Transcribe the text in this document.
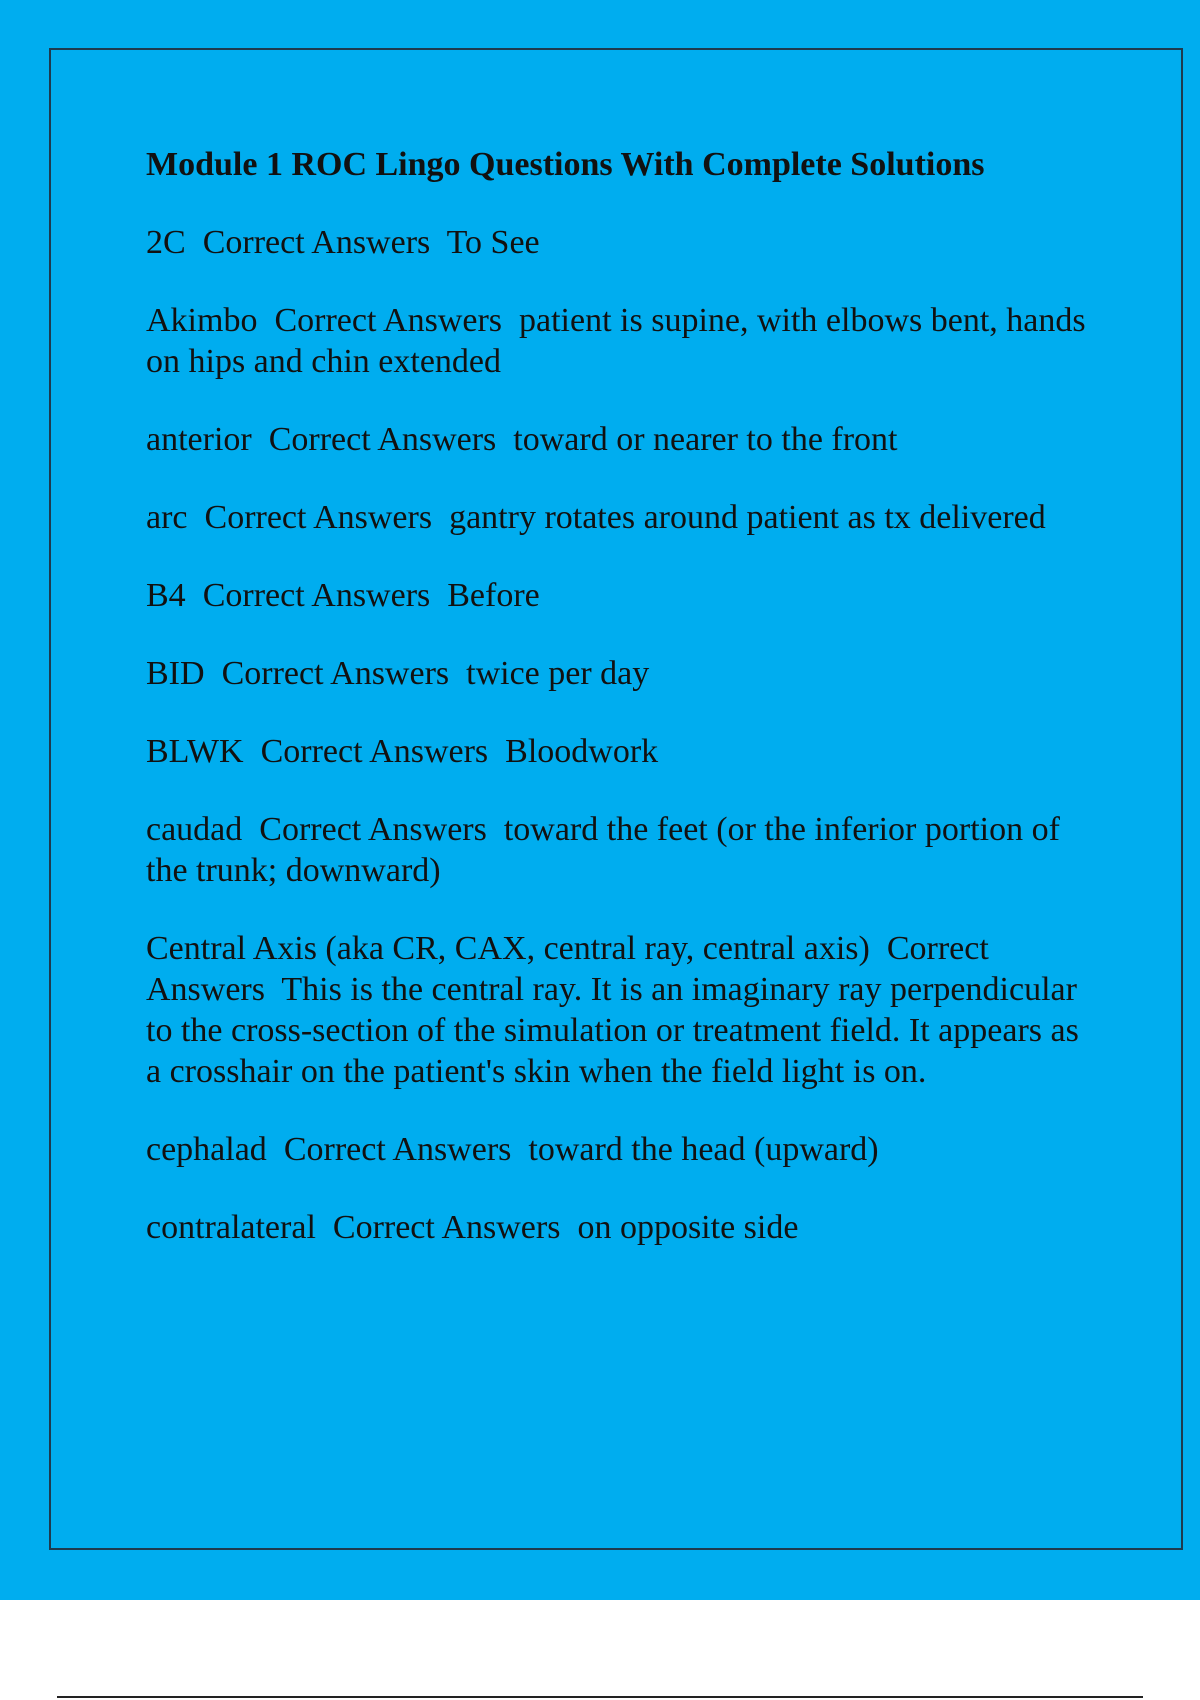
Module 1 ROC Lingo Questions With Complete Solutions
2C  Correct Answers  To See
Akimbo  Correct Answers  patient is supine, with elbows bent, hands on hips and chin extended
anterior  Correct Answers  toward or nearer to the front
arc  Correct Answers  gantry rotates around patient as tx delivered
B4  Correct Answers  Before
BID  Correct Answers  twice per day
BLWK  Correct Answers  Bloodwork
caudad  Correct Answers  toward the feet (or the inferior portion of the trunk; downward)
Central Axis (aka CR, CAX, central ray, central axis)  Correct Answers  This is the central ray. It is an imaginary ray perpendicular to the cross-section of the simulation or treatment field. It appears as a crosshair on the patient's skin when the field light is on.
cephalad  Correct Answers  toward the head (upward)
contralateral  Correct Answers  on opposite side
